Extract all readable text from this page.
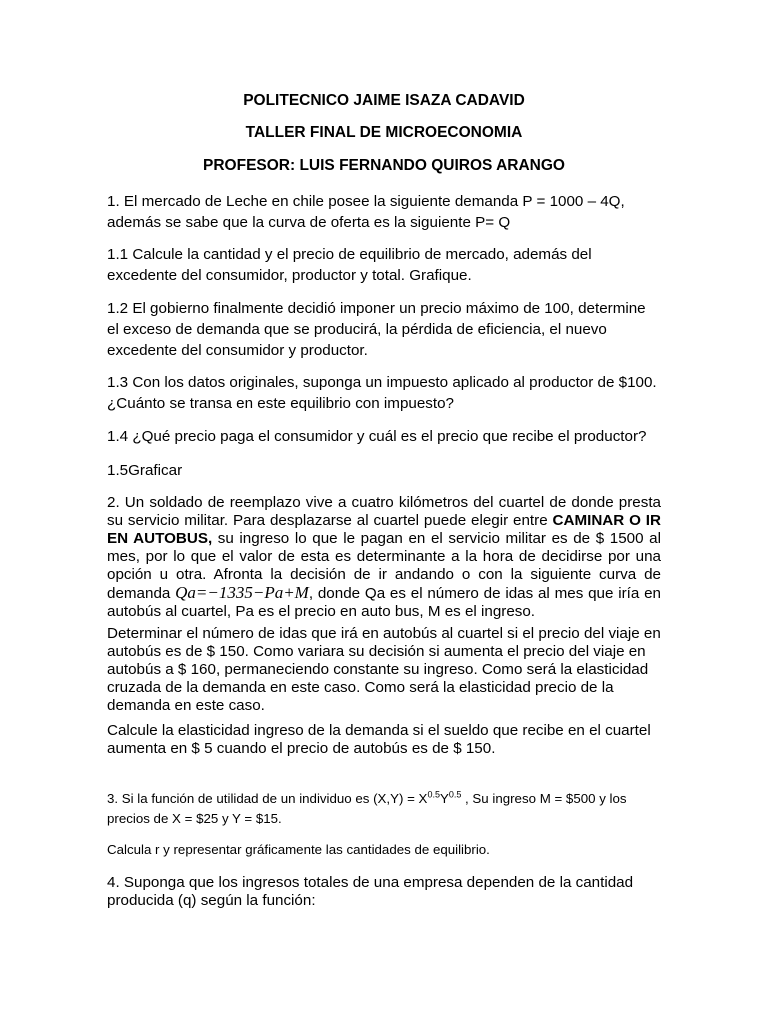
POLITECNICO JAIME ISAZA CADAVID
TALLER FINAL DE MICROECONOMIA
PROFESOR: LUIS FERNANDO QUIROS ARANGO

1. El mercado de Leche en chile posee la siguiente demanda P = 1000 – 4Q, además se sabe que la curva de oferta es la siguiente P= Q

1.1 Calcule la cantidad y el precio de equilibrio de mercado, además del excedente del consumidor, productor y total. Grafique.

1.2 El gobierno finalmente decidió imponer un precio máximo de 100, determine el exceso de demanda que se producirá, la pérdida de eficiencia, el nuevo excedente del consumidor y productor.

1.3 Con los datos originales, suponga un impuesto aplicado al productor de $100. ¿Cuánto se transa en este equilibrio con impuesto?

1.4 ¿Qué precio paga el consumidor y cuál es el precio que recibe el productor?

1.5Graficar

2. Un soldado de reemplazo vive a cuatro kilómetros del cuartel de donde presta su servicio militar. Para desplazarse al cuartel puede elegir entre CAMINAR O IR EN AUTOBUS, su ingreso lo que le pagan en el servicio militar es de $ 1500 al mes, por lo que el valor de esta es determinante a la hora de decidirse por una opción u otra. Afronta la decisión de ir andando o con la siguiente curva de demanda Qa=−1335−Pa+M, donde Qa es el número de idas al mes que iría en autobús al cuartel, Pa es el precio en auto bus, M es el ingreso.

Determinar el número de idas que irá en autobús al cuartel si el precio del viaje en autobús es de $ 150. Como variara su decisión si aumenta el precio del viaje en autobús a $ 160, permaneciendo constante su ingreso. Como será la elasticidad cruzada de la demanda en este caso. Como será la elasticidad precio de la demanda en este caso.

Calcule la elasticidad ingreso de la demanda si el sueldo que recibe en el cuartel aumenta en $ 5 cuando el precio de autobús es de $ 150.

3. Si la función de utilidad de un individuo es $(X,Y) = X^{0.5}Y^{0.5}$ , Su ingreso M = $500 y los precios de X = $25 y Y = $15.

Calcula r y representar gráficamente las cantidades de equilibrio.

4. Suponga que los ingresos totales de una empresa dependen de la cantidad producida (q) según la función:
